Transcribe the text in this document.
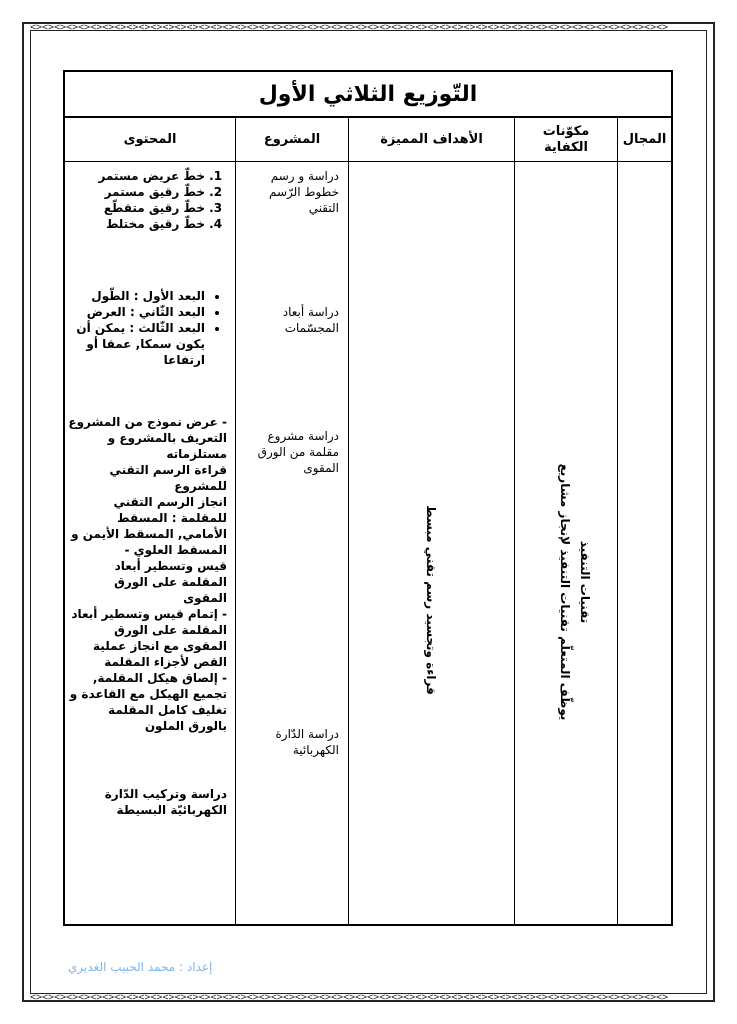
<><><><><><><><><><><><><><><><><><><><><><><><><><><><><><><><><><><><><><><><><><><><><><><><><><><><><>
<><><><><><><><><><><><><><><><><><><><><><><><><><><><><><><><><><><><><><><><><><><><><><><><><><><><><>
التّوزيع الثلاثي الأول
المجال
مكوّنات الكفاية
الأهداف المميزة
المشروع
المحتوى
تقنيات التنفيذ
يوظّف المتعلّم تقنيات التنفيذ لإنجاز مشاريع
قراءة وتجسيد رسم تقني مبسط
دراسة و رسم خطوط الرّسم التقني
دراسة أبعاد المجسّمات
دراسة مشروع مقلمة من الورق المقوى
دراسة الدّارة الكهربائية
1. خطّ عريض مستمر
2. خطّ رقيق مستمر
3. خطّ رقيق متقطّع
4. خطّ رقيق مختلط
• البعد الأول : الطّول
• البعد الثّاني : العرض
• البعد الثّالث : يمكن أن يكون سمكا, عمقا أو ارتفاعا
- عرض نموذج من المشروع
التعريف بالمشروع و مستلزماته
قراءة الرسم التقني للمشروع
انجاز الرسم التقني للمقلمة : المسقط الأمامي, المسقط الأيمن و المسقط العلوي -
قيس وتسطير أبعاد المقلمة على الورق المقوى
- إتمام قيس وتسطير أبعاد المقلمة على الورق المقوى مع انجاز عملية القص لأجزاء المقلمة
- إلصاق هيكل المقلمة, تجميع الهيكل مع القاعدة و تغليف كامل المقلمة بالورق الملون
دراسة وتركيب الدّارة الكهربائيّة البسيطة
إعداد : محمد الحبيب الغديري
